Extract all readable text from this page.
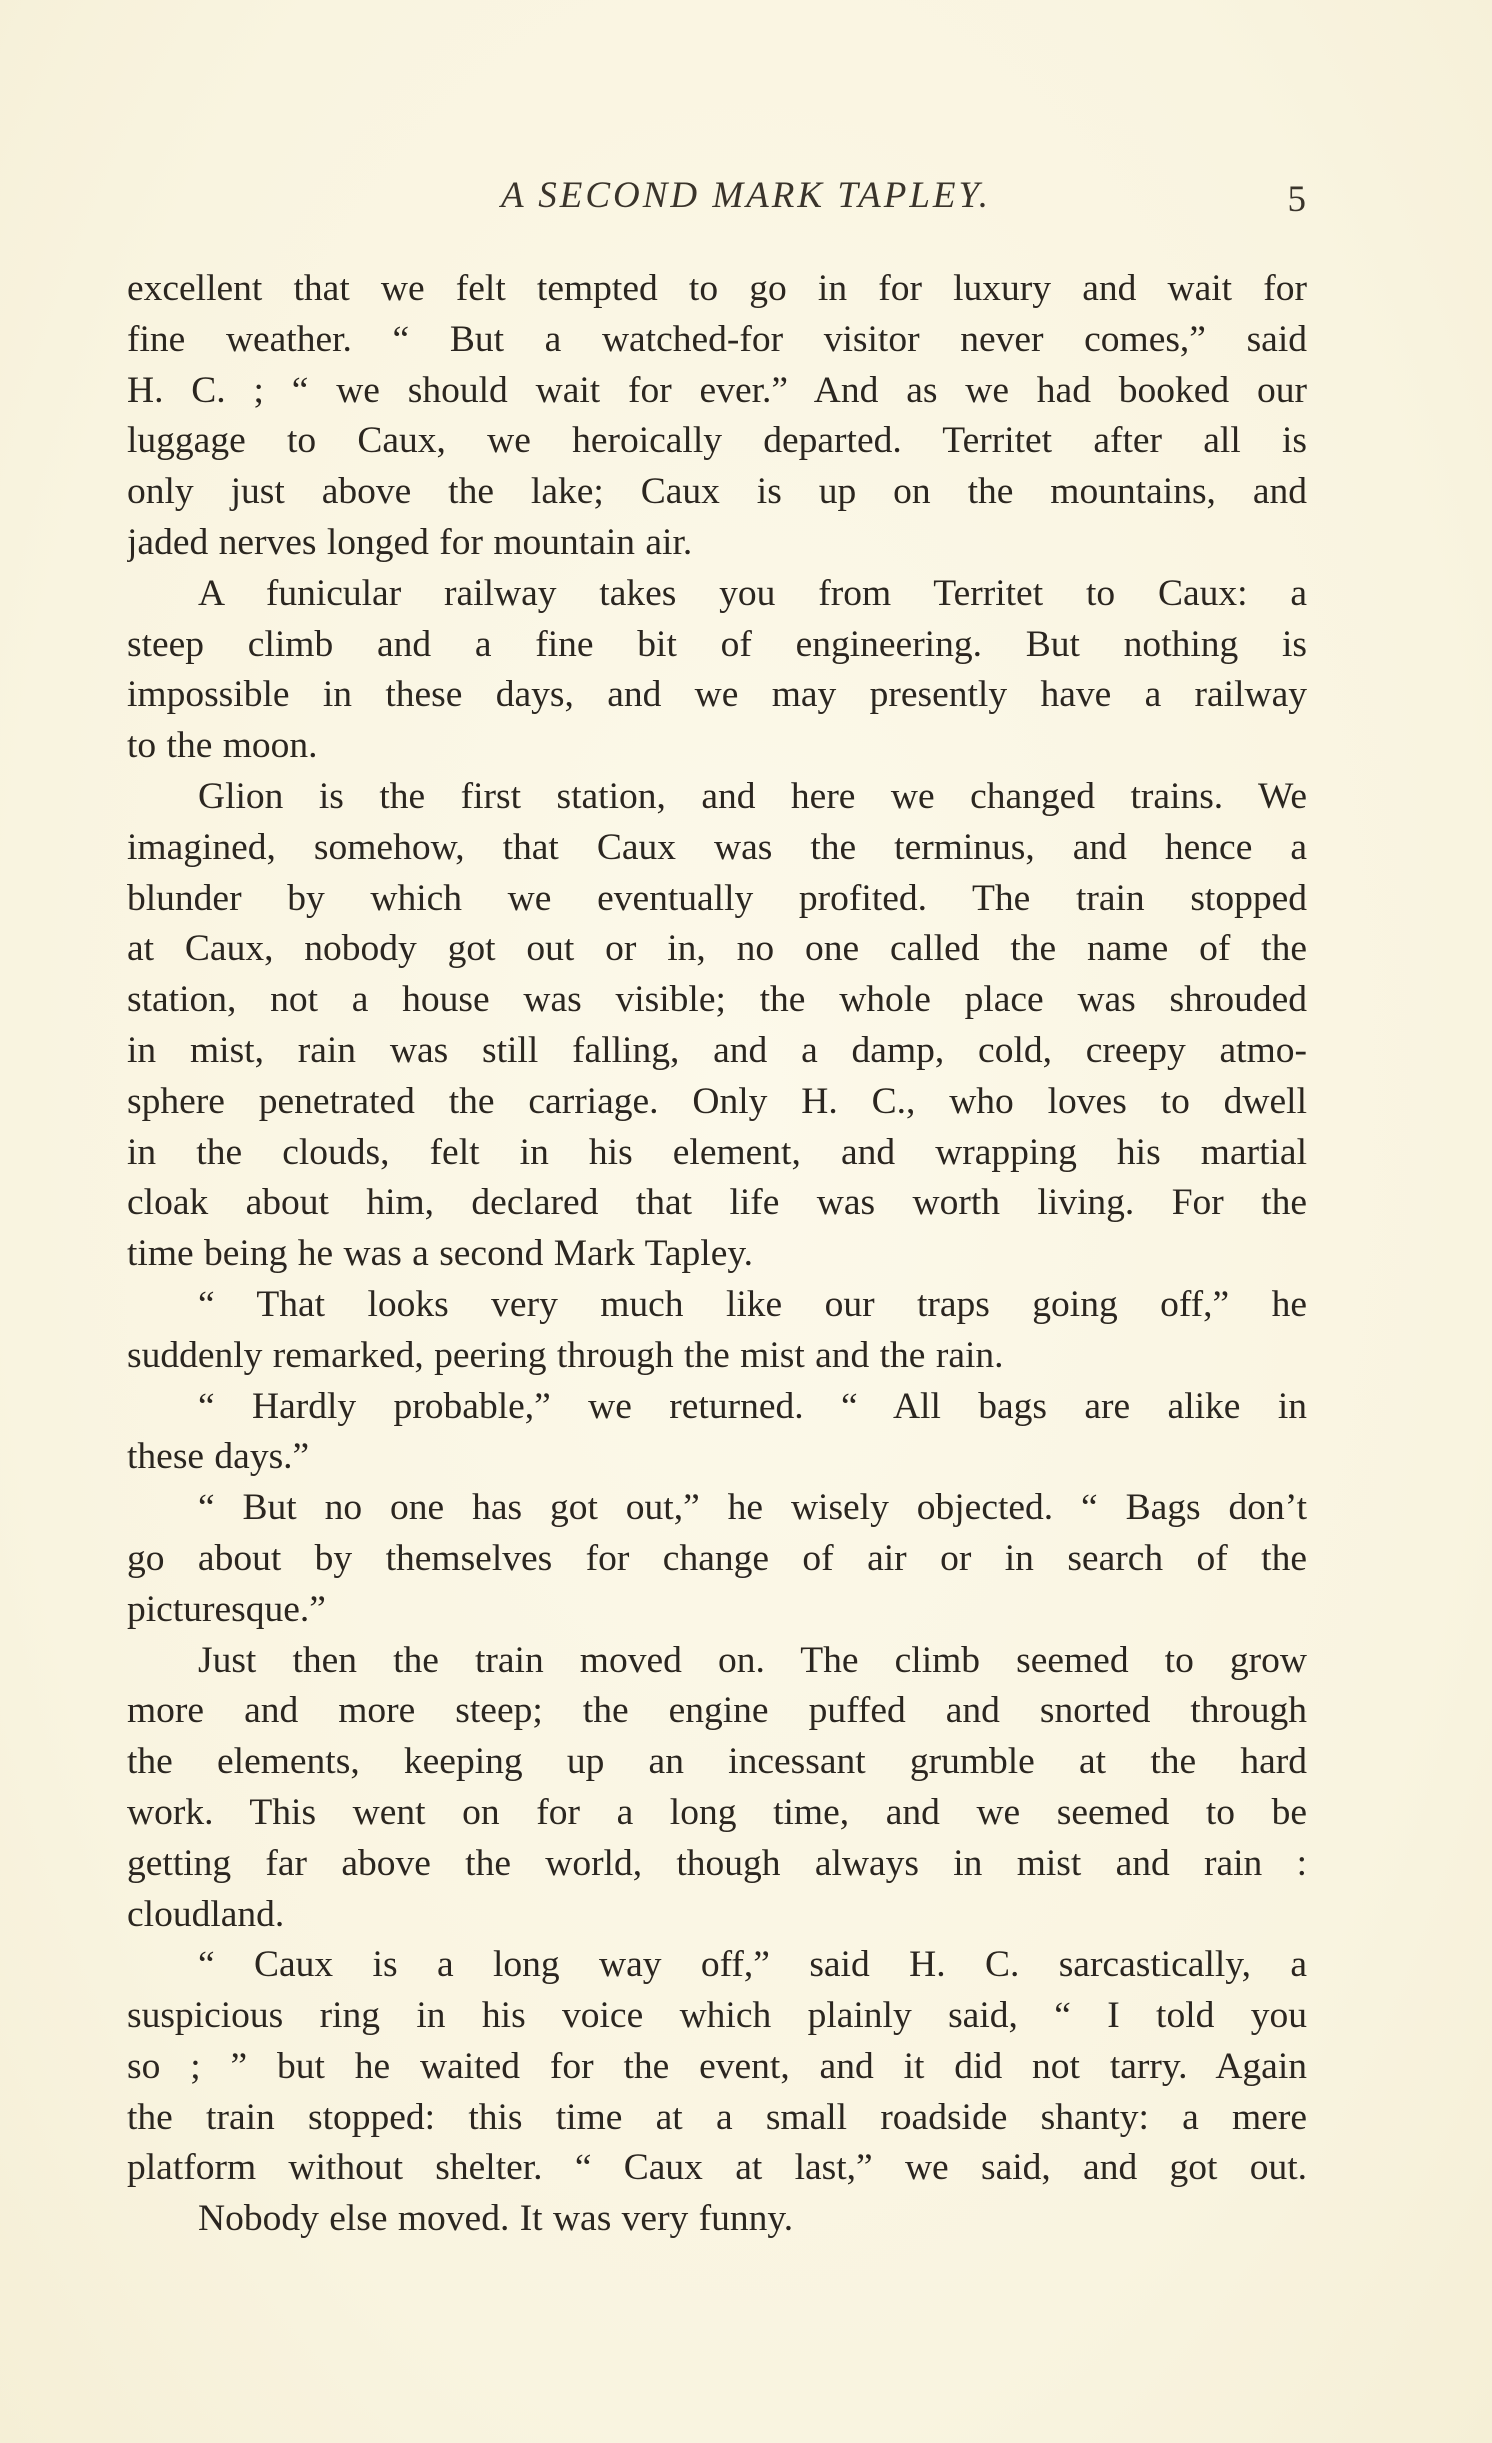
A SECOND MARK TAPLEY.	5
excellent that we felt tempted to go in for luxury and wait for
fine weather. “ But a watched-for visitor never comes,” said
H. C. ; “ we should wait for ever.” And as we had booked our
luggage to Caux, we heroically departed. Territet after all is
only just above the lake; Caux is up on the mountains, and
jaded nerves longed for mountain air.
A funicular railway takes you from Territet to Caux: a
steep climb and a fine bit of engineering. But nothing is
impossible in these days, and we may presently have a railway
to the moon.
Glion is the first station, and here we changed trains. We
imagined, somehow, that Caux was the terminus, and hence a
blunder by which we eventually profited. The train stopped
at Caux, nobody got out or in, no one called the name of the
station, not a house was visible; the whole place was shrouded
in mist, rain was still falling, and a damp, cold, creepy atmo-
sphere penetrated the carriage. Only H. C., who loves to dwell
in the clouds, felt in his element, and wrapping his martial
cloak about him, declared that life was worth living. For the
time being he was a second Mark Tapley.
“ That looks very much like our traps going off,” he
suddenly remarked, peering through the mist and the rain.
“ Hardly probable,” we returned. “ All bags are alike in
these days.”
“ But no one has got out,” he wisely objected. “ Bags don’t
go about by themselves for change of air or in search of the
picturesque.”
Just then the train moved on. The climb seemed to grow
more and more steep; the engine puffed and snorted through
the elements, keeping up an incessant grumble at the hard
work. This went on for a long time, and we seemed to be
getting far above the world, though always in mist and rain :
cloudland.
“ Caux is a long way off,” said H. C. sarcastically, a
suspicious ring in his voice which plainly said, “ I told you
so ; ” but he waited for the event, and it did not tarry. Again
the train stopped: this time at a small roadside shanty: a mere
platform without shelter. “ Caux at last,” we said, and got out.
Nobody else moved. It was very funny.
